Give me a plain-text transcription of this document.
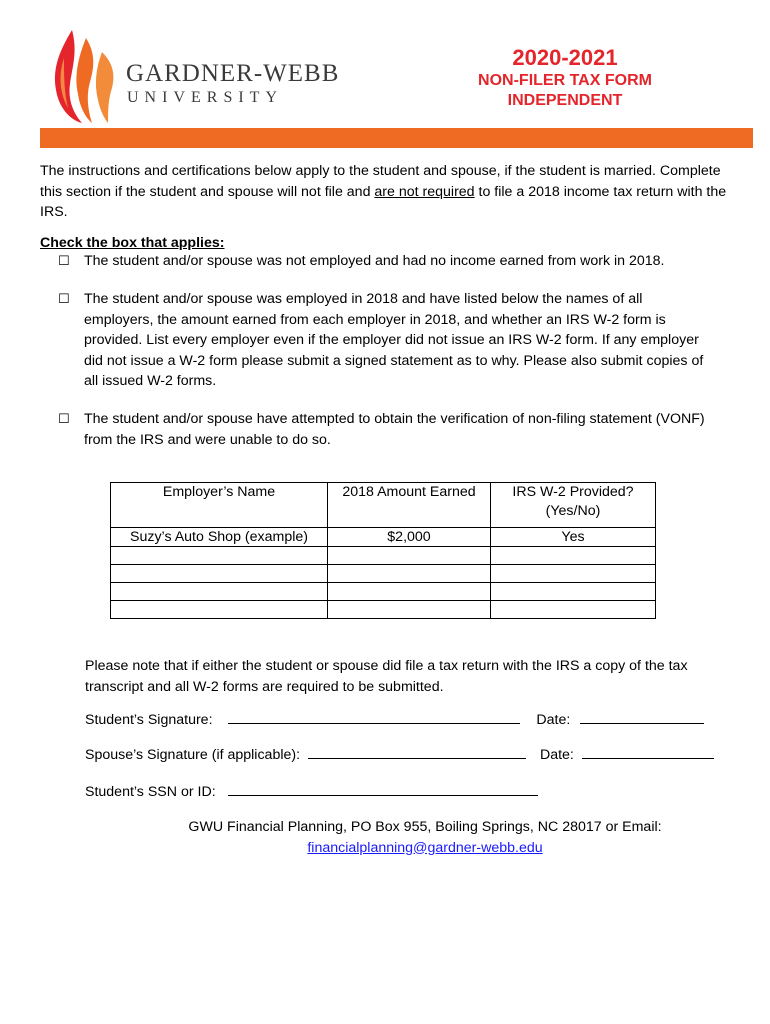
GARDNER-WEBB
UNIVERSITY
2020-2021
NON-FILER TAX FORM
INDEPENDENT
The instructions and certifications below apply to the student and spouse, if the student is married. Complete this section if the student and spouse will not file and are not required to file a 2018 income tax return with the IRS.
Check the box that applies:
☐	The student and/or spouse was not employed and had no income earned from work in 2018.
☐	The student and/or spouse was employed in 2018 and have listed below the names of all employers, the amount earned from each employer in 2018, and whether an IRS W-2 form is provided. List every employer even if the employer did not issue an IRS W-2 form. If any employer did not issue a W-2 form please submit a signed statement as to why. Please also submit copies of all issued W-2 forms.
☐	The student and/or spouse have attempted to obtain the verification of non-filing statement (VONF) from the IRS and were unable to do so.
Employer’s Name	2018 Amount Earned	IRS W-2 Provided? (Yes/No)
Suzy’s Auto Shop (example)	$2,000	Yes

Please note that if either the student or spouse did file a tax return with the IRS a copy of the tax transcript and all W-2 forms are required to be submitted.
Student’s Signature:	Date:
Spouse’s Signature (if applicable):	Date:
Student’s SSN or ID:
GWU Financial Planning, PO Box 955, Boiling Springs, NC 28017 or Email:
financialplanning@gardner-webb.edu
